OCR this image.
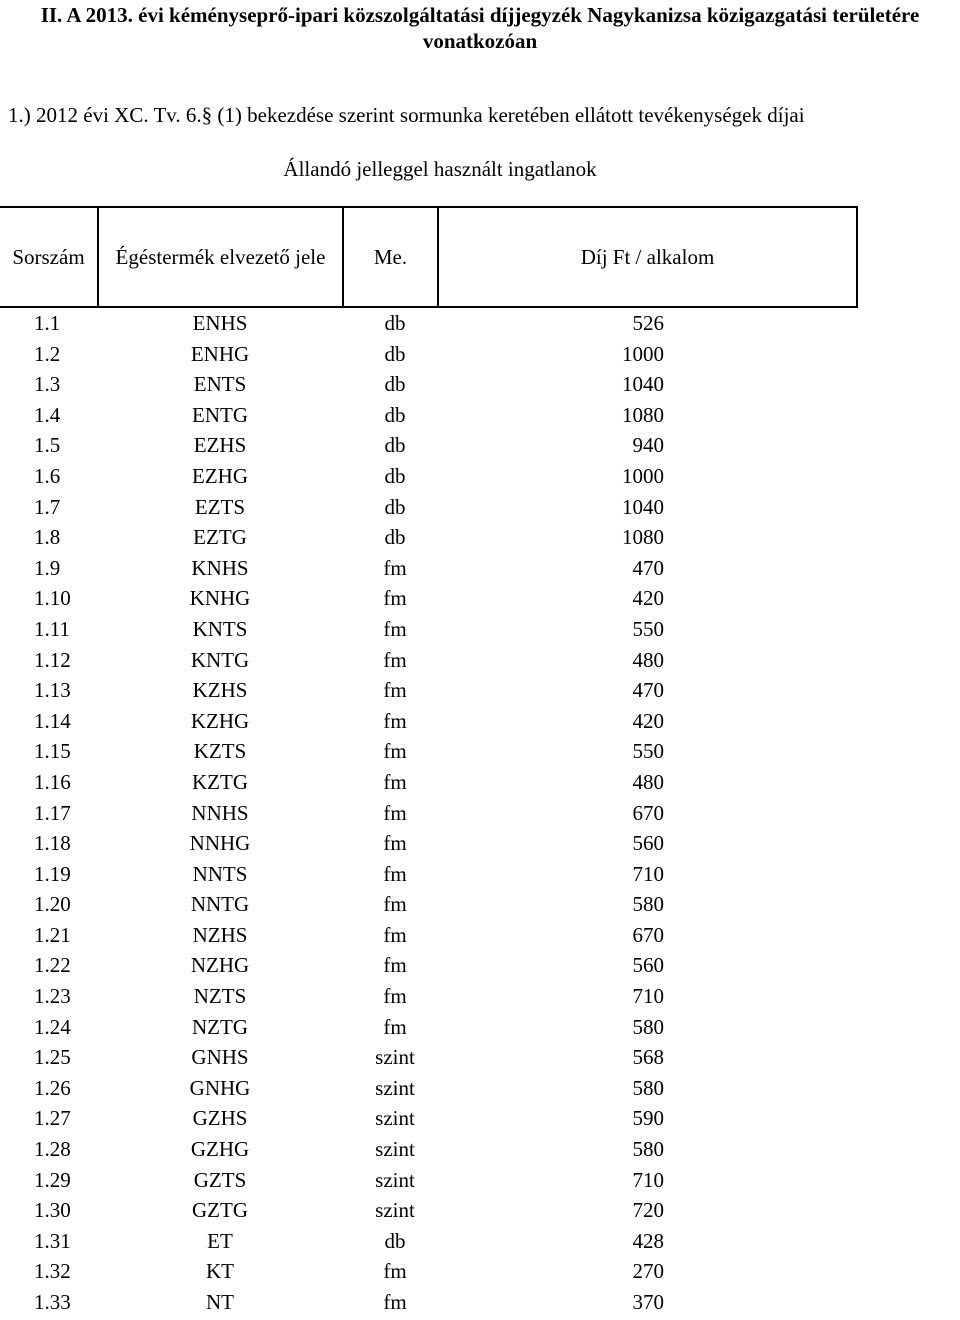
II. A 2013. évi kéményseprő-ipari közszolgáltatási díjjegyzék Nagykanizsa közigazgatási területére vonatkozóan
1.) 2012 évi XC. Tv. 6.§ (1) bekezdése szerint sormunka keretében ellátott tevékenységek díjai
Állandó jelleggel használt ingatlanok
Sorszám	Égéstermék elvezető jele	Me.	Díj Ft / alkalom
1.1	ENHS	db	526
1.2	ENHG	db	1000
1.3	ENTS	db	1040
1.4	ENTG	db	1080
1.5	EZHS	db	940
1.6	EZHG	db	1000
1.7	EZTS	db	1040
1.8	EZTG	db	1080
1.9	KNHS	fm	470
1.10	KNHG	fm	420
1.11	KNTS	fm	550
1.12	KNTG	fm	480
1.13	KZHS	fm	470
1.14	KZHG	fm	420
1.15	KZTS	fm	550
1.16	KZTG	fm	480
1.17	NNHS	fm	670
1.18	NNHG	fm	560
1.19	NNTS	fm	710
1.20	NNTG	fm	580
1.21	NZHS	fm	670
1.22	NZHG	fm	560
1.23	NZTS	fm	710
1.24	NZTG	fm	580
1.25	GNHS	szint	568
1.26	GNHG	szint	580
1.27	GZHS	szint	590
1.28	GZHG	szint	580
1.29	GZTS	szint	710
1.30	GZTG	szint	720
1.31	ET	db	428
1.32	KT	fm	270
1.33	NT	fm	370
